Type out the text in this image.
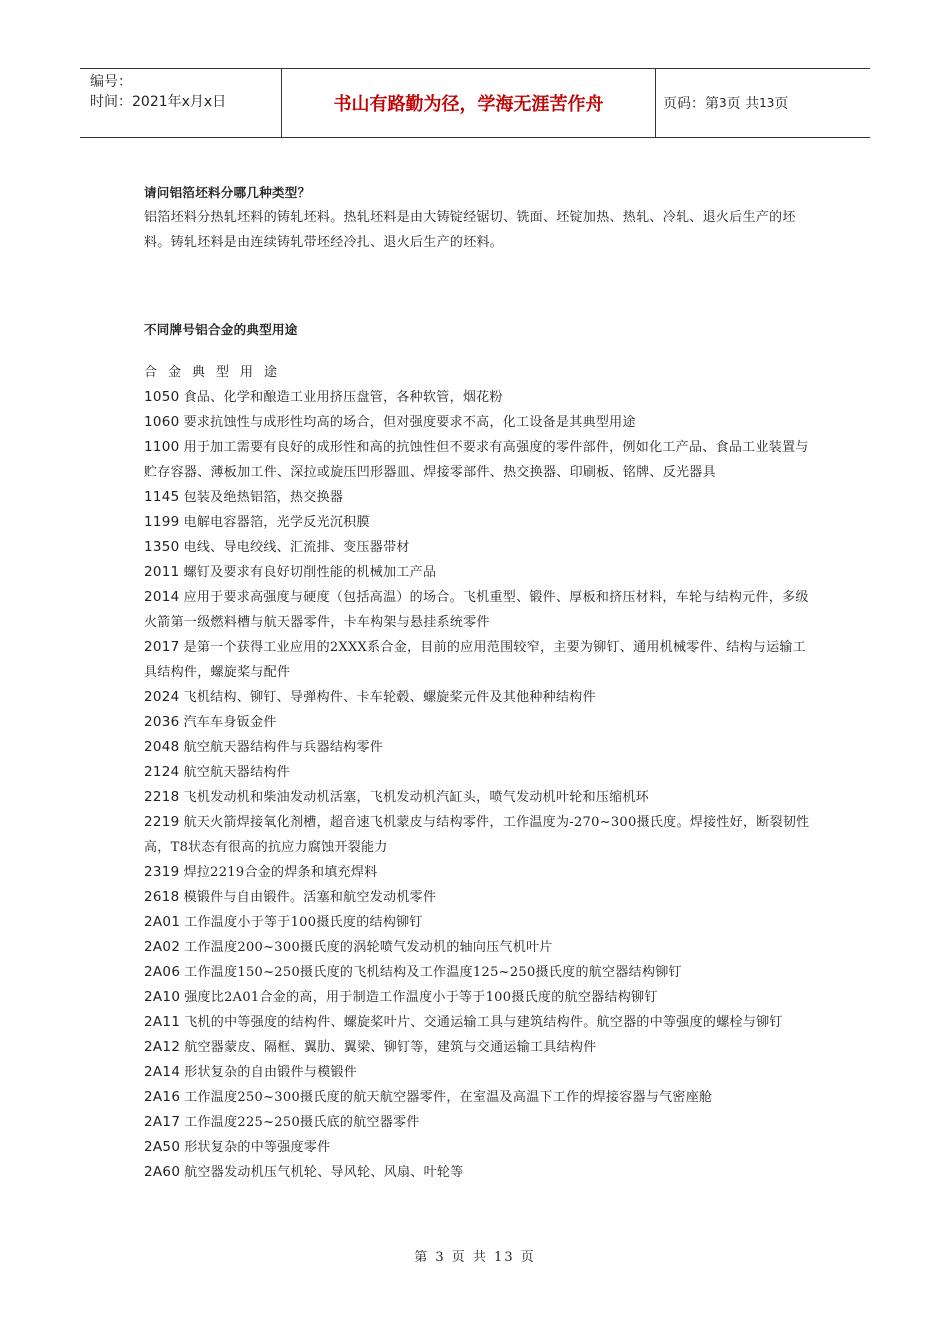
编号：
时间：2021年x月x日	书山有路勤为径，学海无涯苦作舟	页码：第 3 页 共 13 页

请问铝箔坯料分哪几种类型？

铝箔坯料分热轧坯料的铸轧坯料。热轧坯料是由大铸锭经锯切、铣面、坯锭加热、热轧、冷轧、退火后生产的坯料。铸轧坯料是由连续铸轧带坯经冷扎、退火后生产的坯料。

不同牌号铝合金的典型用途

合金典型用途

1050 食品、化学和酿造工业用挤压盘管，各种软管，烟花粉

1060 要求抗蚀性与成形性均高的场合，但对强度要求不高，化工设备是其典型用途

1100 用于加工需要有良好的成形性和高的抗蚀性但不要求有高强度的零件部件，例如化工产品、食品工业装置与贮存容器、薄板加工件、深拉或旋压凹形器皿、焊接零部件、热交换器、印刷板、铭牌、反光器具

1145 包装及绝热铝箔，热交换器

1199 电解电容器箔，光学反光沉积膜

1350 电线、导电绞线、汇流排、变压器带材

2011 螺钉及要求有良好切削性能的机械加工产品

2014 应用于要求高强度与硬度（包括高温）的场合。飞机重型、锻件、厚板和挤压材料，车轮与结构元件，多级火箭第一级燃料槽与航天器零件，卡车构架与悬挂系统零件

2017 是第一个获得工业应用的2XXX系合金，目前的应用范围较窄，主要为铆钉、通用机械零件、结构与运输工具结构件，螺旋桨与配件

2024 飞机结构、铆钉、导弹构件、卡车轮毂、螺旋桨元件及其他种种结构件

2036 汽车车身钣金件

2048 航空航天器结构件与兵器结构零件

2124 航空航天器结构件

2218 飞机发动机和柴油发动机活塞，飞机发动机汽缸头，喷气发动机叶轮和压缩机环

2219 航天火箭焊接氧化剂槽，超音速飞机蒙皮与结构零件，工作温度为-270~300摄氏度。焊接性好，断裂韧性高，T8状态有很高的抗应力腐蚀开裂能力

2319 焊拉2219合金的焊条和填充焊料

2618 模锻件与自由锻件。活塞和航空发动机零件

2A01 工作温度小于等于100摄氏度的结构铆钉

2A02 工作温度200~300摄氏度的涡轮喷气发动机的轴向压气机叶片

2A06 工作温度150~250摄氏度的飞机结构及工作温度125~250摄氏度的航空器结构铆钉

2A10 强度比2A01合金的高，用于制造工作温度小于等于100摄氏度的航空器结构铆钉

2A11 飞机的中等强度的结构件、螺旋桨叶片、交通运输工具与建筑结构件。航空器的中等强度的螺栓与铆钉

2A12 航空器蒙皮、隔框、翼肋、翼梁、铆钉等，建筑与交通运输工具结构件

2A14 形状复杂的自由锻件与模锻件

2A16 工作温度250~300摄氏度的航天航空器零件，在室温及高温下工作的焊接容器与气密座舱

2A17 工作温度225~250摄氏底的航空器零件

2A50 形状复杂的中等强度零件

2A60 航空器发动机压气机轮、导风轮、风扇、叶轮等

第 3 页 共 13 页
